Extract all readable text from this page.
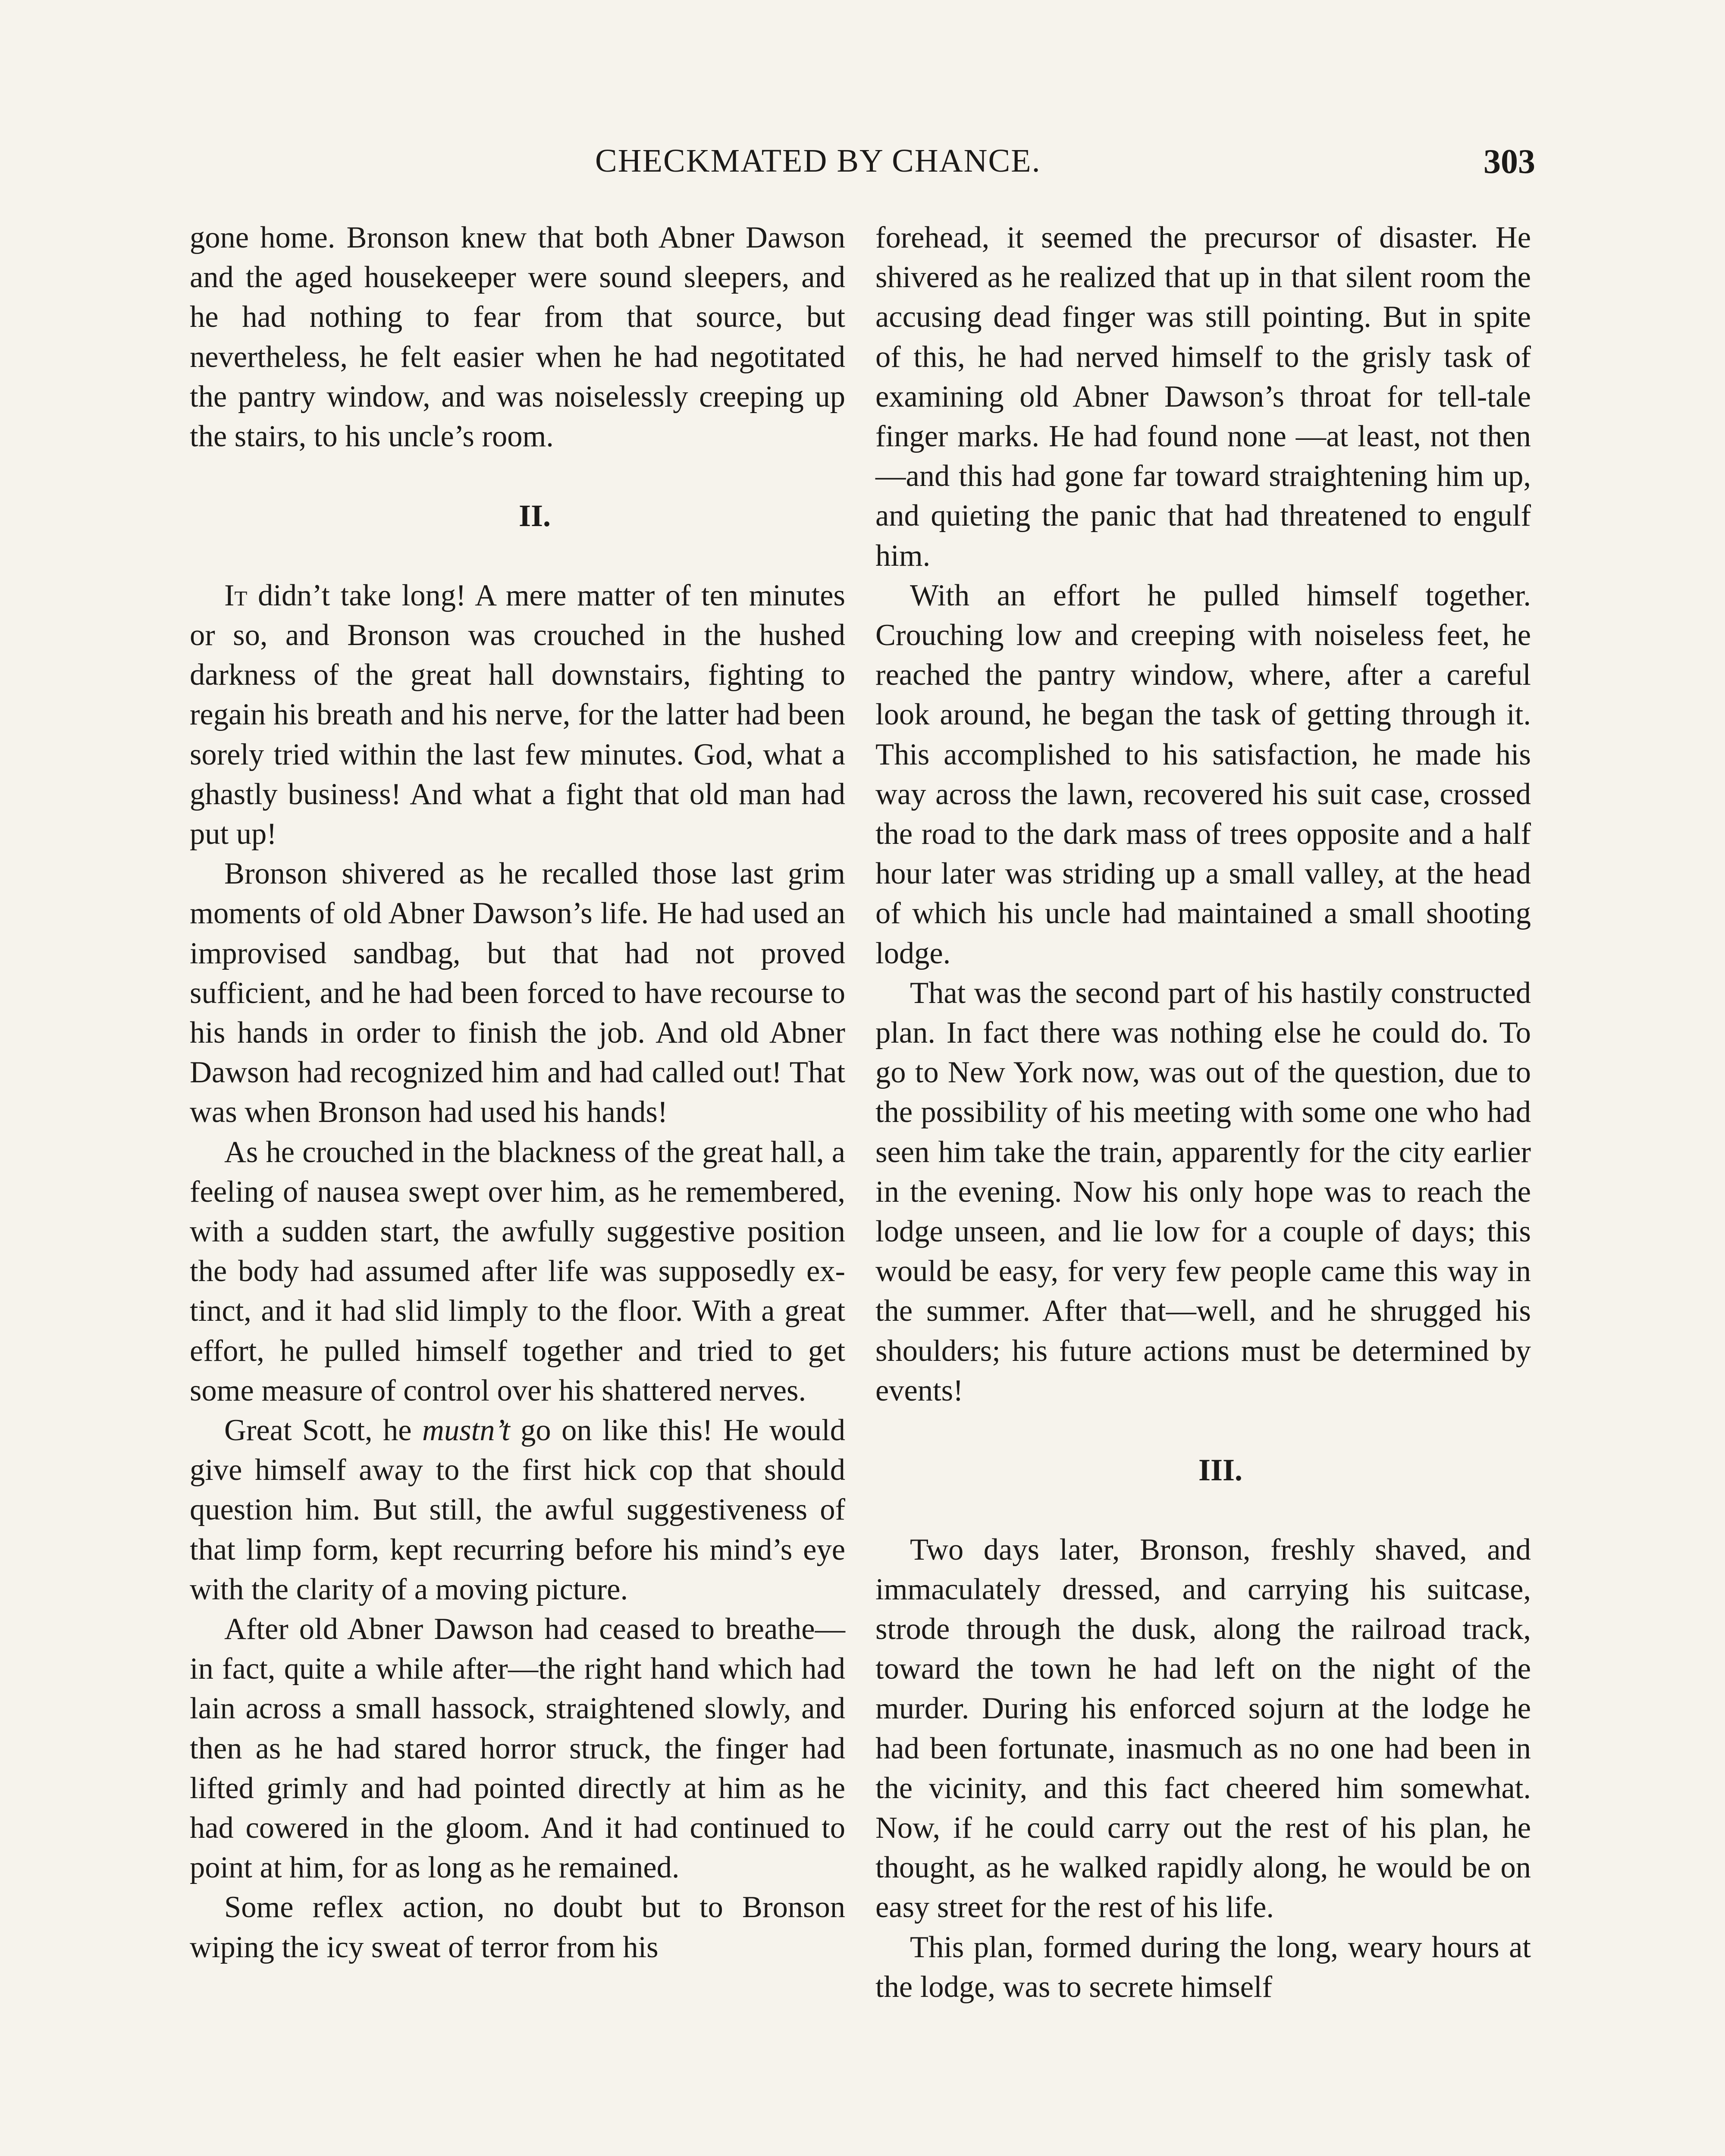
CHECKMATED BY CHANCE.	303

gone home. Bronson knew that both Abner Dawson and the aged housekeeper were sound sleepers, and he had nothing to fear from that source, but nevertheless, he felt easier when he had negotitated the pantry window, and was noiselessly creeping up the stairs, to his uncle’s room.

II.

It didn’t take long! A mere matter of ten minutes or so, and Bronson was crouched in the hushed darkness of the great hall downstairs, fighting to regain his breath and his nerve, for the latter had been sorely tried within the last few minutes. God, what a ghastly business! And what a fight that old man had put up!

Bronson shivered as he recalled those last grim moments of old Abner Dawson’s life. He had used an improvised sandbag, but that had not proved sufficient, and he had been forced to have recourse to his hands in order to finish the job. And old Abner Dawson had recognized him and had called out! That was when Bronson had used his hands!

As he crouched in the blackness of the great hall, a feeling of nausea swept over him, as he remembered, with a sudden start, the awfully suggestive position the body had assumed after life was supposedly extinct, and it had slid limply to the floor. With a great effort, he pulled himself together and tried to get some measure of control over his shattered nerves.

Great Scott, he mustn’t go on like this! He would give himself away to the first hick cop that should question him. But still, the awful suggestiveness of that limp form, kept recurring before his mind’s eye with the clarity of a moving picture.

After old Abner Dawson had ceased to breathe—in fact, quite a while after—the right hand which had lain across a small hassock, straightened slowly, and then as he had stared horror struck, the finger had lifted grimly and had pointed directly at him as he had cowered in the gloom. And it had continued to point at him, for as long as he remained.

Some reflex action, no doubt but to Bronson wiping the icy sweat of terror from his

forehead, it seemed the precursor of disaster. He shivered as he realized that up in that silent room the accusing dead finger was still pointing. But in spite of this, he had nerved himself to the grisly task of examining old Abner Dawson’s throat for tell-tale finger marks. He had found none —at least, not then—and this had gone far toward straightening him up, and quieting the panic that had threatened to engulf him.

With an effort he pulled himself together. Crouching low and creeping with noiseless feet, he reached the pantry window, where, after a careful look around, he began the task of getting through it. This accomplished to his satisfaction, he made his way across the lawn, recovered his suit case, crossed the road to the dark mass of trees opposite and a half hour later was striding up a small valley, at the head of which his uncle had maintained a small shooting lodge.

That was the second part of his hastily constructed plan. In fact there was nothing else he could do. To go to New York now, was out of the question, due to the possibility of his meeting with some one who had seen him take the train, apparently for the city earlier in the evening. Now his only hope was to reach the lodge unseen, and lie low for a couple of days; this would be easy, for very few people came this way in the summer. After that—well, and he shrugged his shoulders; his future actions must be determined by events!

III.

Two days later, Bronson, freshly shaved, and immaculately dressed, and carrying his suitcase, strode through the dusk, along the railroad track, toward the town he had left on the night of the murder. During his enforced sojurn at the lodge he had been fortunate, inasmuch as no one had been in the vicinity, and this fact cheered him somewhat. Now, if he could carry out the rest of his plan, he thought, as he walked rapidly along, he would be on easy street for the rest of his life.

This plan, formed during the long, weary hours at the lodge, was to secrete himself
